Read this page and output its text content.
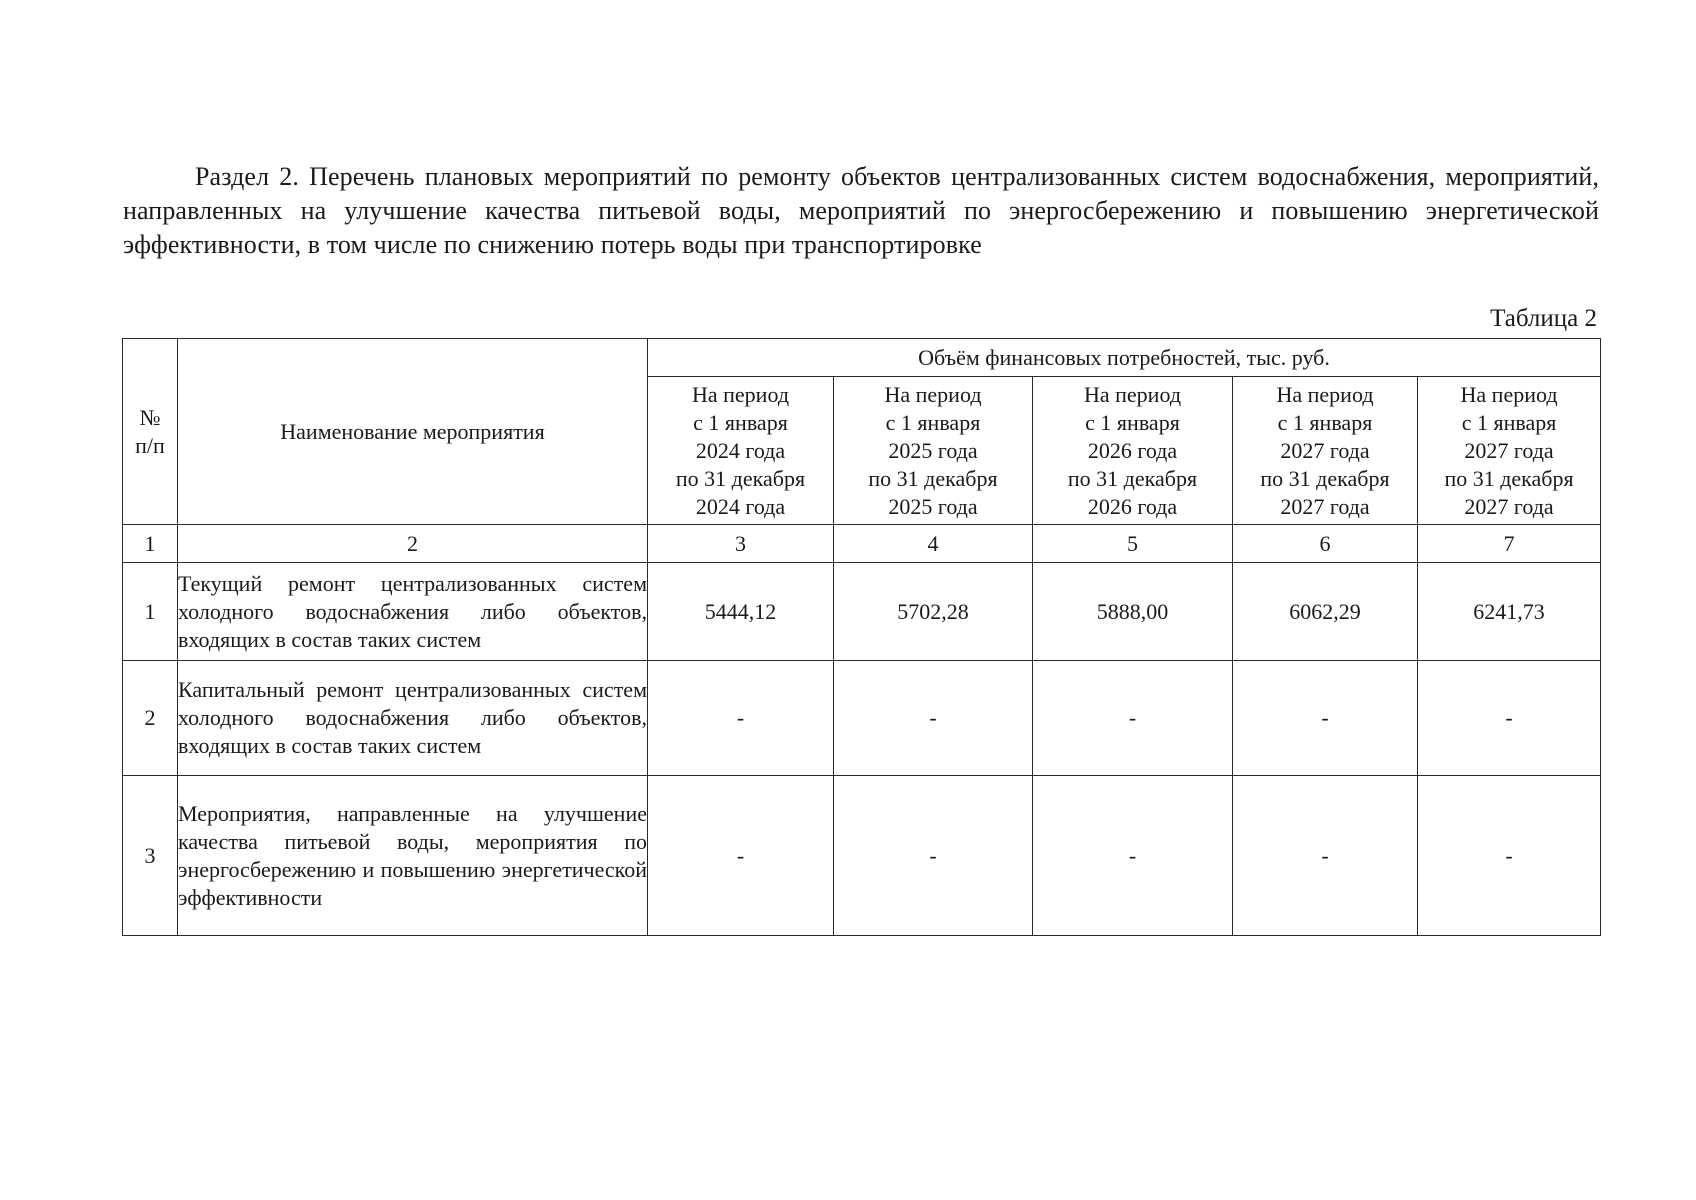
Раздел 2. Перечень плановых мероприятий по ремонту объектов централизованных систем водоснабжения, мероприятий, направленных на улучшение качества питьевой воды, мероприятий по энергосбережению и повышению энергетической эффективности, в том числе по снижению потерь воды при транспортировке
Таблица 2
№
п/п	Наименование мероприятия	Объём финансовых потребностей, тыс. руб.				

		На период
с 1 января
2024 года
по 31 декабря
2024 года	На период
с 1 января
2025 года
по 31 декабря
2025 года	На период
с 1 января
2026 года
по 31 декабря
2026 года	На период
с 1 января
2027 года
по 31 декабря
2027 года	На период
с 1 января
2027 года
по 31 декабря
2027 года

1	2	3	4	5	6	7
1	Текущий ремонт централизованных систем холодного водоснабжения либо объектов, входящих в состав таких систем	5444,12	5702,28	5888,00	6062,29	6241,73
2	Капитальный ремонт централизованных систем холодного водоснабжения либо объектов, входящих в состав таких систем	-	-	-	-	-
3	Мероприятия, направленные на улучшение качества питьевой воды, мероприятия по энергосбережению и повышению энергетической эффективности	-	-	-	-	-
